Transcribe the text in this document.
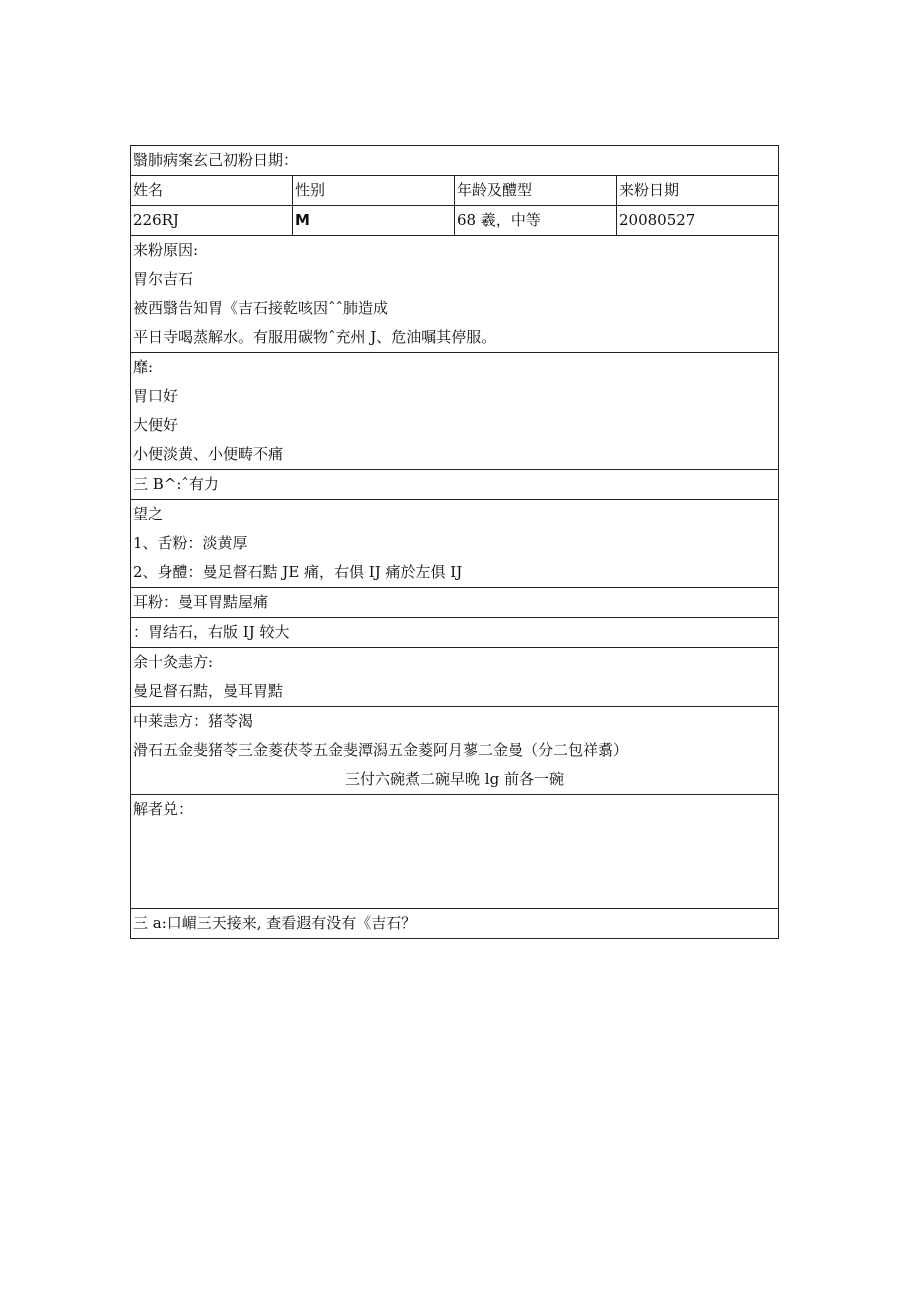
翳肺病案玄己初粉日期：			
姓名	性别	年龄及醴型	来粉日期
226RJ	M	68 羲，中等	20080527

来粉原因:
胃尔吉石
被西翳告知胃《吉石接乾咳因ˆˆ肺造成
平日寺喝蒸解水。有服用碳物ˆ充州 J、危油嘱其停服。			

靡:
胃口好
大便好
小便淡黄、小便畴不痛			

三 B^:ˆ有力			

望之
1、舌粉：淡黄厚
2、身醴：曼足督石黠 JE 痛，右俱 IJ 痛於左俱 IJ			

耳粉：曼耳胃黠屋痛			
：胃结石，右版 IJ 较大			

余十灸恚方:
曼足督石黠，曼耳胃黠			

中莱恚方：猪苓渴
滑石五金斐猪苓三金菱茯苓五金斐潭潟五金菱阿月蓼二金曼（分二包祥翥）
三付六碗煮二碗早晚 lg 前各一碗			

解者兑：			

三 a:口嵋三天接来, 查看遐有没有《吉石？			
